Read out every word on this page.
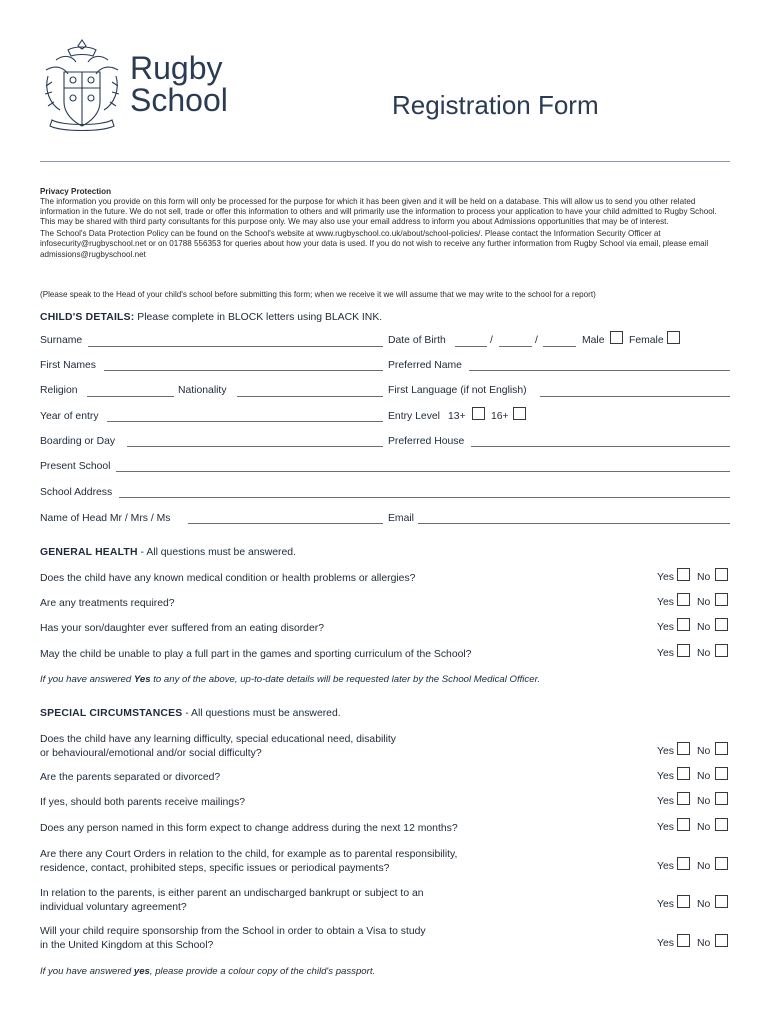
Rugby
School	Registration Form
Privacy Protection

The information you provide on this form will only be processed for the purpose for which it has been given and it will be held on a database. This will allow us to send you other related information in the future. We do not sell, trade or offer this information to others and will primarily use the information to process your application to have your child admitted to Rugby School. This may be shared with third party consultants for this purpose only. We may also use your email address to inform you about Admissions opportunities that may be of interest.

The School's Data Protection Policy can be found on the School's website at www.rugbyschool.co.uk/about/school-policies/. Please contact the Information Security Officer at infosecurity@rugbyschool.net or on 01788 556353 for queries about how your data is used. If you do not wish to receive any further information from Rugby School via email, please email admissions@rugbyschool.net

(Please speak to the Head of your child's school before submitting this form; when we receive it we will assume that we may write to the school for a report)
CHILD'S DETAILS: Please complete in BLOCK letters using BLACK INK.
Surname	Date of Birth	/	/	Male Female
First Names	Preferred Name
Religion	Nationality	First Language (if not English)
Year of entry	Entry Level 13+ 16+
Boarding or Day	Preferred House
Present School
School Address
Name of Head Mr / Mrs / Ms	Email
GENERAL HEALTH - All questions must be answered.
Does the child have any known medical condition or health problems or allergies?	Yes No
Are any treatments required?	Yes No
Has your son/daughter ever suffered from an eating disorder?	Yes No
May the child be unable to play a full part in the games and sporting curriculum of the School?	Yes No
If you have answered Yes to any of the above, up-to-date details will be requested later by the School Medical Officer.
SPECIAL CIRCUMSTANCES - All questions must be answered.
Does the child have any learning difficulty, special educational need, disability
or behavioural/emotional and/or social difficulty?	Yes No
Are the parents separated or divorced?	Yes No
If yes, should both parents receive mailings?	Yes No
Does any person named in this form expect to change address during the next 12 months?	Yes No
Are there any Court Orders in relation to the child, for example as to parental responsibility,
residence, contact, prohibited steps, specific issues or periodical payments?	Yes No
In relation to the parents, is either parent an undischarged bankrupt or subject to an
individual voluntary agreement?	Yes No
Will your child require sponsorship from the School in order to obtain a Visa to study
in the United Kingdom at this School?	Yes No
If you have answered yes, please provide a colour copy of the child's passport.
